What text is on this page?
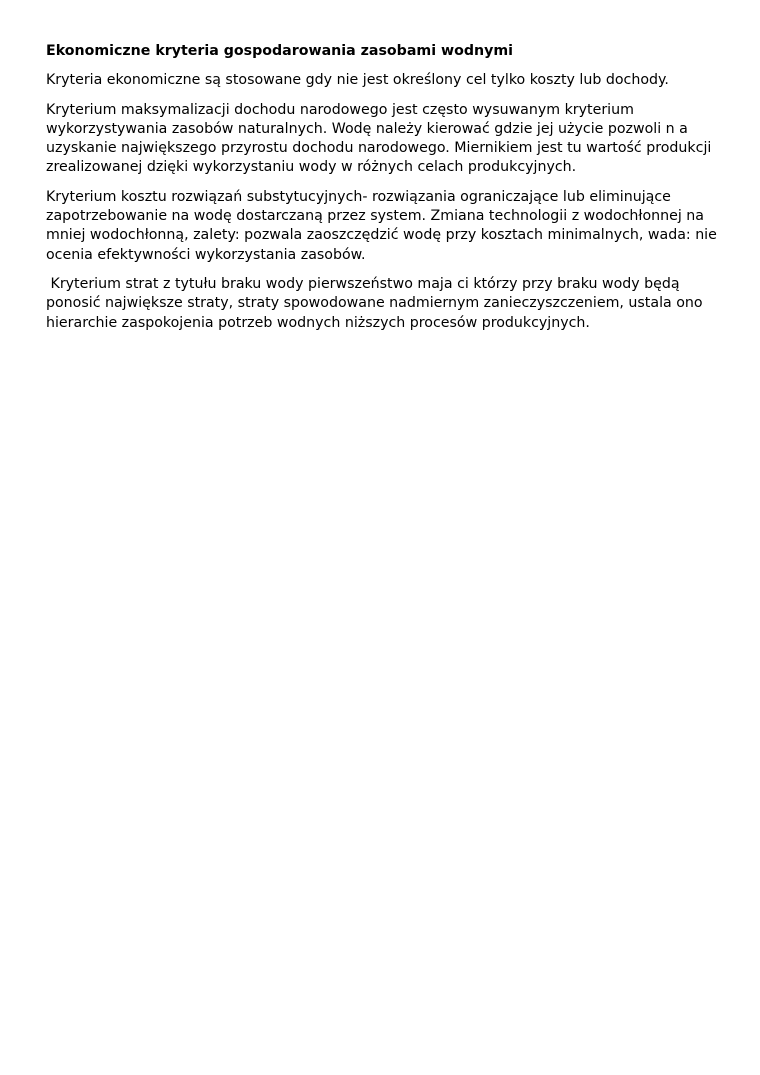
Ekonomiczne kryteria gospodarowania zasobami wodnymi

Kryteria ekonomiczne są stosowane gdy nie jest określony cel tylko koszty lub dochody.

Kryterium maksymalizacji dochodu narodowego jest często wysuwanym kryterium
wykorzystywania zasobów naturalnych. Wodę należy kierować gdzie jej użycie pozwoli n a
uzyskanie największego przyrostu dochodu narodowego. Miernikiem jest tu wartość produkcji
zrealizowanej dzięki wykorzystaniu wody w różnych celach produkcyjnych.

Kryterium kosztu rozwiązań substytucyjnych- rozwiązania ograniczające lub eliminujące
zapotrzebowanie na wodę dostarczaną przez system. Zmiana technologii z wodochłonnej na
mniej wodochłonną, zalety: pozwala zaoszczędzić wodę przy kosztach minimalnych, wada: nie
ocenia efektywności wykorzystania zasobów.

Kryterium strat z tytułu braku wody pierwszeństwo maja ci którzy przy braku wody będą
ponosić największe straty, straty spowodowane nadmiernym zanieczyszczeniem, ustala ono
hierarchie zaspokojenia potrzeb wodnych niższych procesów produkcyjnych.
